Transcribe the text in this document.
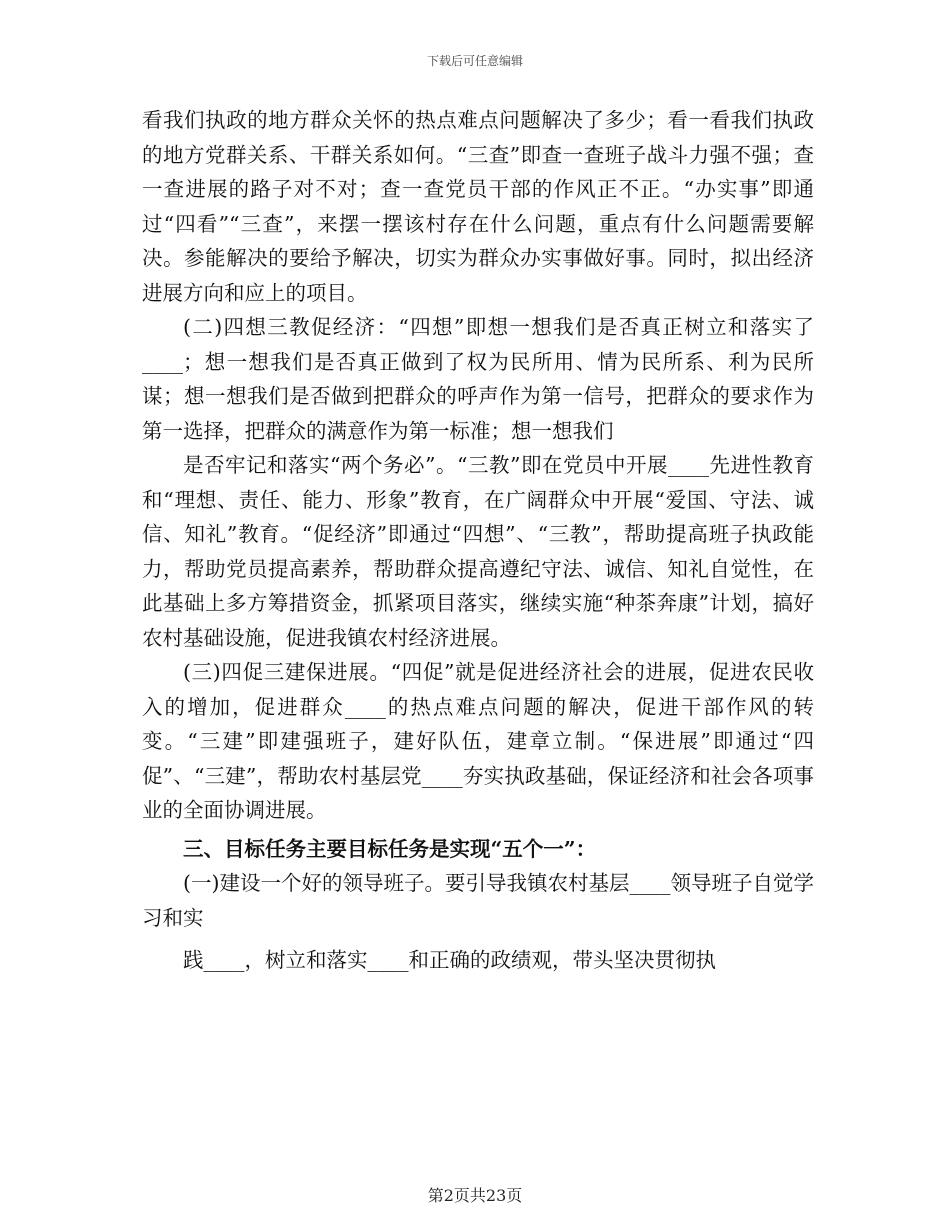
下载后可任意编辑

看我们执政的地方群众关怀的热点难点问题解决了多少；看一看我们执政的地方党群关系、干群关系如何。“三查”即查一查班子战斗力强不强；查一查进展的路子对不对；查一查党员干部的作风正不正。“办实事”即通过“四看”“三查”，来摆一摆该村存在什么问题，重点有什么问题需要解决。参能解决的要给予解决，切实为群众办实事做好事。同时，拟出经济进展方向和应上的项目。

(二)四想三教促经济：“四想”即想一想我们是否真正树立和落实了____；想一想我们是否真正做到了权为民所用、情为民所系、利为民所谋；想一想我们是否做到把群众的呼声作为第一信号，把群众的要求作为第一选择，把群众的满意作为第一标准；想一想我们

是否牢记和落实“两个务必”。“三教”即在党员中开展____先进性教育和“理想、责任、能力、形象”教育，在广阔群众中开展“爱国、守法、诚信、知礼”教育。“促经济”即通过“四想”、“三教”，帮助提高班子执政能力，帮助党员提高素养，帮助群众提高遵纪守法、诚信、知礼自觉性，在此基础上多方筹措资金，抓紧项目落实，继续实施“种茶奔康”计划，搞好农村基础设施，促进我镇农村经济进展。

(三)四促三建保进展。“四促”就是促进经济社会的进展，促进农民收入的增加，促进群众____的热点难点问题的解决，促进干部作风的转变。“三建”即建强班子，建好队伍，建章立制。“保进展”即通过“四促”、“三建”，帮助农村基层党____夯实执政基础，保证经济和社会各项事业的全面协调进展。

三、目标任务主要目标任务是实现“五个一”：

(一)建设一个好的领导班子。要引导我镇农村基层____领导班子自觉学习和实

践____，树立和落实____和正确的政绩观，带头坚决贯彻执

第2页共23页
